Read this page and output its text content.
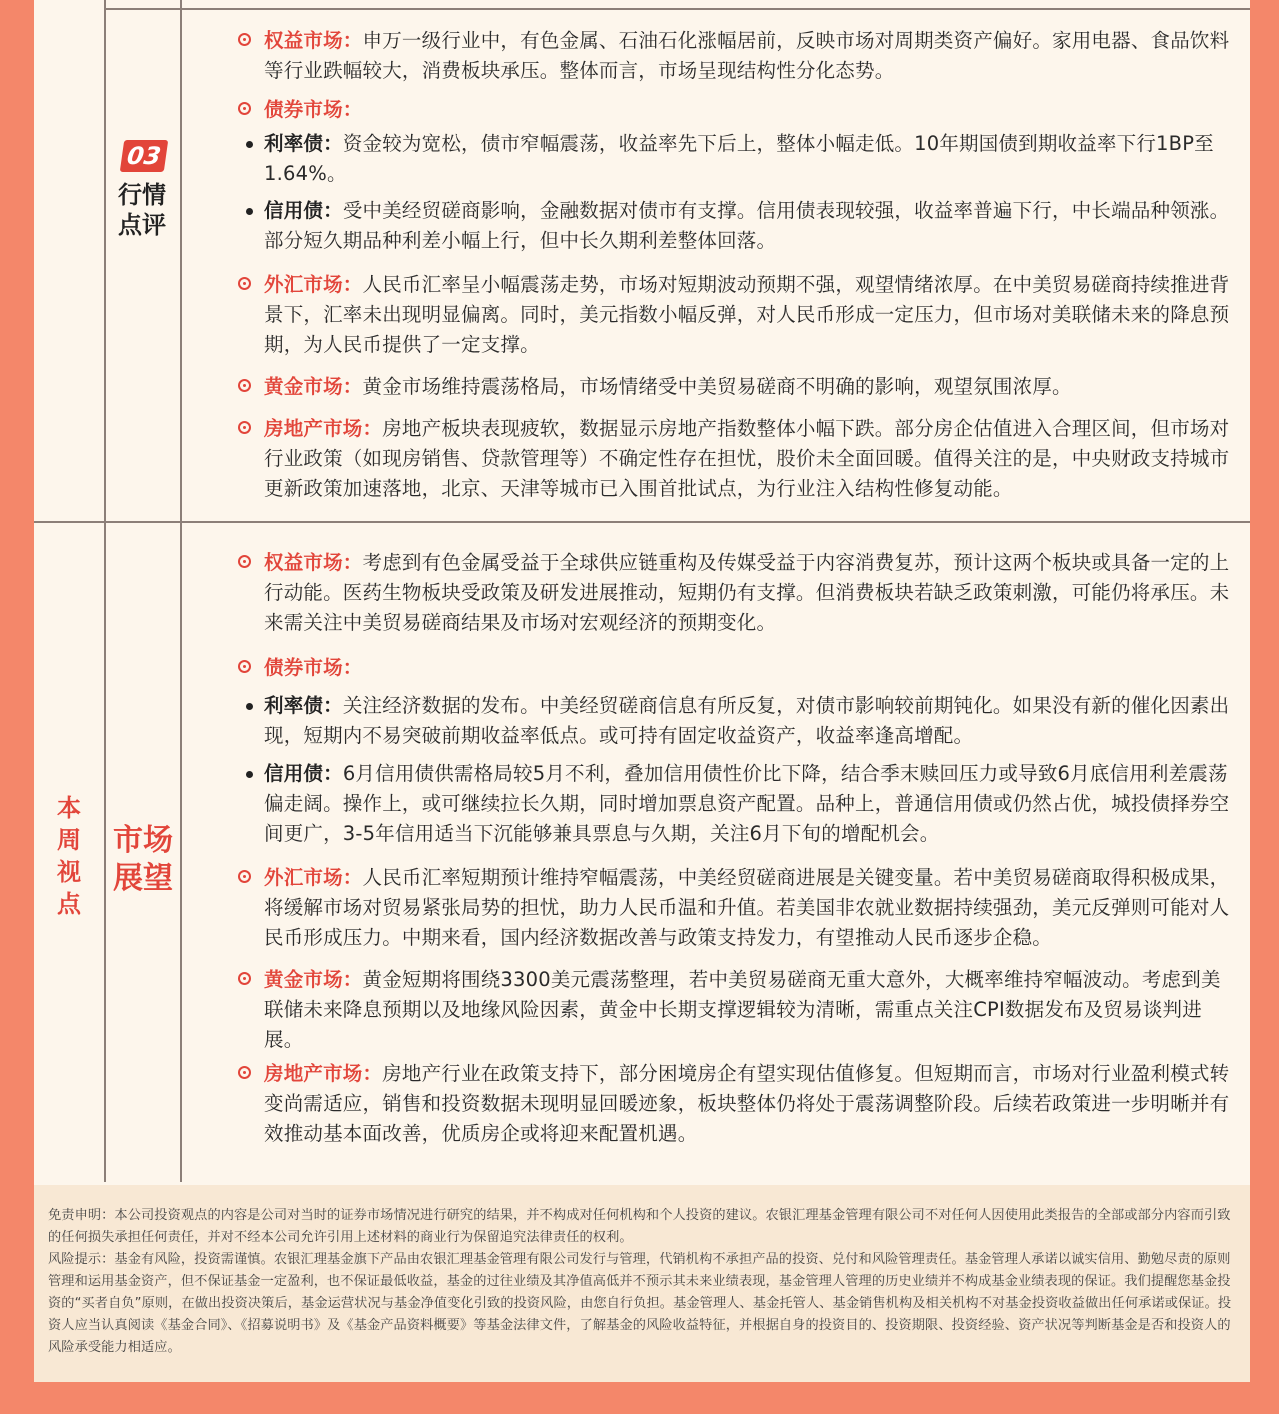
03
行情
点评
本周视点
市场
展望
权益市场：申万一级行业中，有色金属、石油石化涨幅居前，反映市场对周期类资产偏好。家用电器、食品饮料等行业跌幅较大，消费板块承压。整体而言，市场呈现结构性分化态势。
债券市场：
利率债：资金较为宽松，债市窄幅震荡，收益率先下后上，整体小幅走低。10年期国债到期收益率下行1BP至1.64%。
信用债：受中美经贸磋商影响，金融数据对债市有支撑。信用债表现较强，收益率普遍下行，中长端品种领涨。部分短久期品种利差小幅上行，但中长久期利差整体回落。
外汇市场：人民币汇率呈小幅震荡走势，市场对短期波动预期不强，观望情绪浓厚。在中美贸易磋商持续推进背景下，汇率未出现明显偏离。同时，美元指数小幅反弹，对人民币形成一定压力，但市场对美联储未来的降息预期，为人民币提供了一定支撑。
黄金市场：黄金市场维持震荡格局，市场情绪受中美贸易磋商不明确的影响，观望氛围浓厚。
房地产市场：房地产板块表现疲软，数据显示房地产指数整体小幅下跌。部分房企估值进入合理区间，但市场对行业政策（如现房销售、贷款管理等）不确定性存在担忧，股价未全面回暖。值得关注的是，中央财政支持城市更新政策加速落地，北京、天津等城市已入围首批试点，为行业注入结构性修复动能。
权益市场：考虑到有色金属受益于全球供应链重构及传媒受益于内容消费复苏，预计这两个板块或具备一定的上行动能。医药生物板块受政策及研发进展推动，短期仍有支撑。但消费板块若缺乏政策刺激，可能仍将承压。未来需关注中美贸易磋商结果及市场对宏观经济的预期变化。
债券市场：
利率债：关注经济数据的发布。中美经贸磋商信息有所反复，对债市影响较前期钝化。如果没有新的催化因素出现，短期内不易突破前期收益率低点。或可持有固定收益资产，收益率逢高增配。
信用债：6月信用债供需格局较5月不利，叠加信用债性价比下降，结合季末赎回压力或导致6月底信用利差震荡偏走阔。操作上，或可继续拉长久期，同时增加票息资产配置。品种上，普通信用债或仍然占优，城投债择券空间更广，3-5年信用适当下沉能够兼具票息与久期，关注6月下旬的增配机会。
外汇市场：人民币汇率短期预计维持窄幅震荡，中美经贸磋商进展是关键变量。若中美贸易磋商取得积极成果，将缓解市场对贸易紧张局势的担忧，助力人民币温和升值。若美国非农就业数据持续强劲，美元反弹则可能对人民币形成压力。中期来看，国内经济数据改善与政策支持发力，有望推动人民币逐步企稳。
黄金市场：黄金短期将围绕3300美元震荡整理，若中美贸易磋商无重大意外，大概率维持窄幅波动。考虑到美联储未来降息预期以及地缘风险因素，黄金中长期支撑逻辑较为清晰，需重点关注CPI数据发布及贸易谈判进展。
房地产市场：房地产行业在政策支持下，部分困境房企有望实现估值修复。但短期而言，市场对行业盈利模式转变尚需适应，销售和投资数据未现明显回暖迹象，板块整体仍将处于震荡调整阶段。后续若政策进一步明晰并有效推动基本面改善，优质房企或将迎来配置机遇。
免责申明：本公司投资观点的内容是公司对当时的证券市场情况进行研究的结果，并不构成对任何机构和个人投资的建议。农银汇理基金管理有限公司不对任何人因使用此类报告的全部或部分内容而引致的任何损失承担任何责任，并对不经本公司允许引用上述材料的商业行为保留追究法律责任的权利。
风险提示：基金有风险，投资需谨慎。农银汇理基金旗下产品由农银汇理基金管理有限公司发行与管理，代销机构不承担产品的投资、兑付和风险管理责任。基金管理人承诺以诚实信用、勤勉尽责的原则管理和运用基金资产，但不保证基金一定盈利，也不保证最低收益，基金的过往业绩及其净值高低并不预示其未来业绩表现，基金管理人管理的历史业绩并不构成基金业绩表现的保证。我们提醒您基金投资的“买者自负”原则，在做出投资决策后，基金运营状况与基金净值变化引致的投资风险，由您自行负担。基金管理人、基金托管人、基金销售机构及相关机构不对基金投资收益做出任何承诺或保证。投资人应当认真阅读《基金合同》、《招募说明书》及《基金产品资料概要》等基金法律文件，了解基金的风险收益特征，并根据自身的投资目的、投资期限、投资经验、资产状况等判断基金是否和投资人的风险承受能力相适应。
